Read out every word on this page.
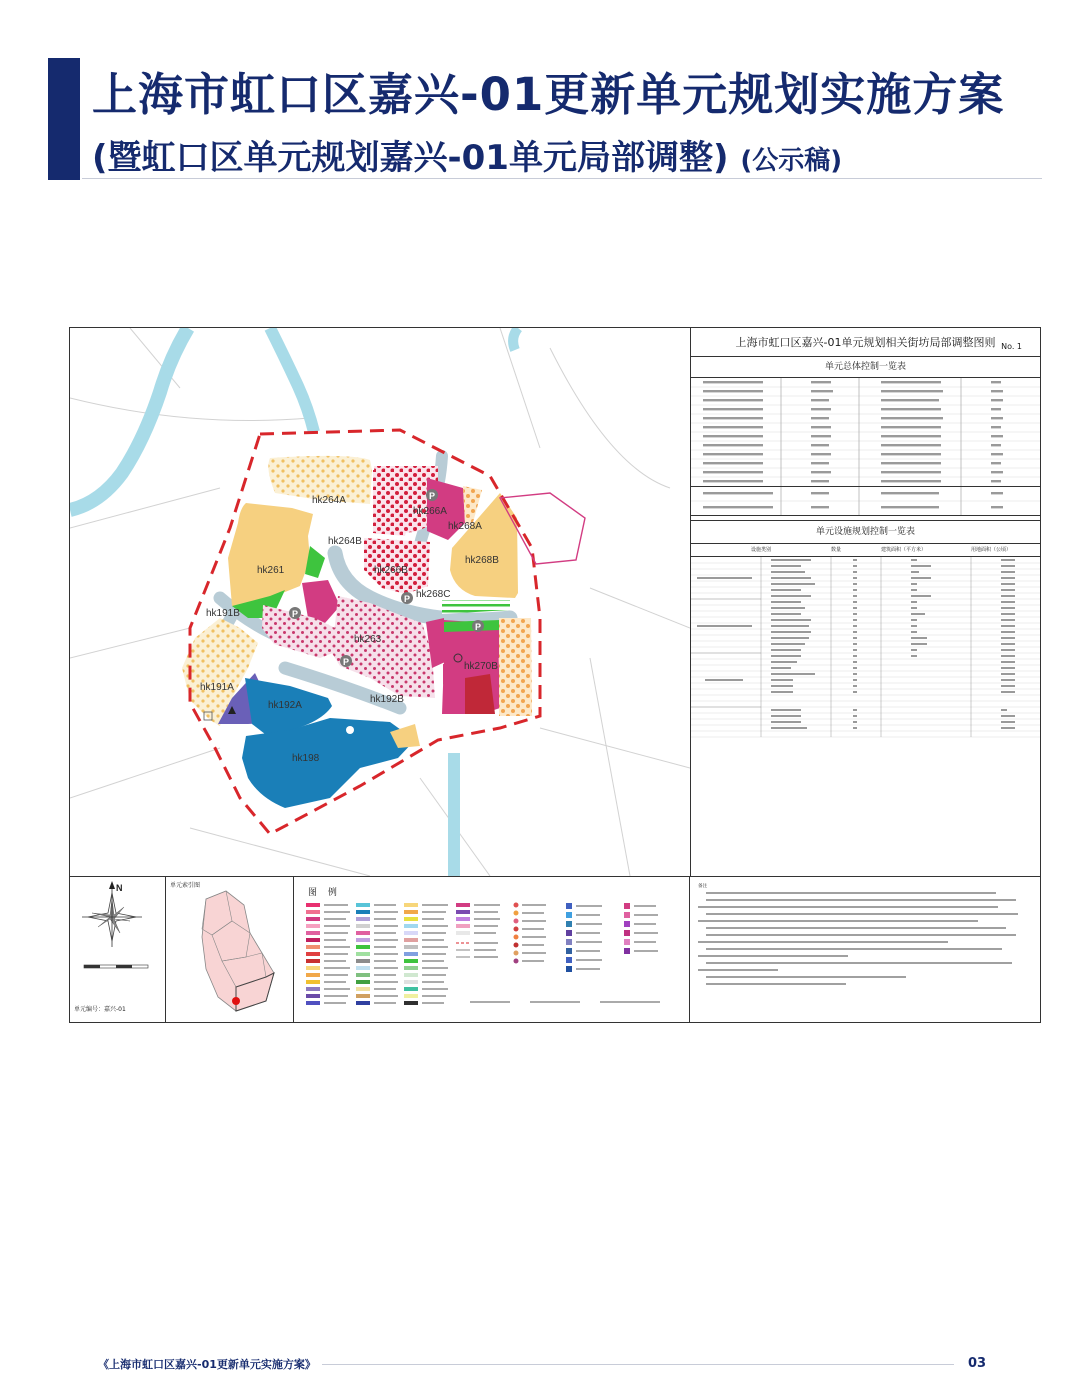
上海市虹口区嘉兴-01更新单元规划实施方案
(暨虹口区单元规划嘉兴-01单元局部调整) (公示稿)
P
P
P
P
P
hk264A
hk266A
hk268A
hk264B
hk261	hk266B
hk268B
hk268C
hk191B
hk263
hk270B
hk191A
hk192A
hk192B
hk198
上海市虹口区嘉兴-01单元规划相关街坊局部调整图则 No. 1
单元总体控制一览表
单元设施规划控制一览表
设施类别	数量	建筑面积（平方米）	用地面积（公顷）
N
单元编号：嘉兴-01
单元索引图
图 例
备注
《上海市虹口区嘉兴-01更新单元实施方案》	03
